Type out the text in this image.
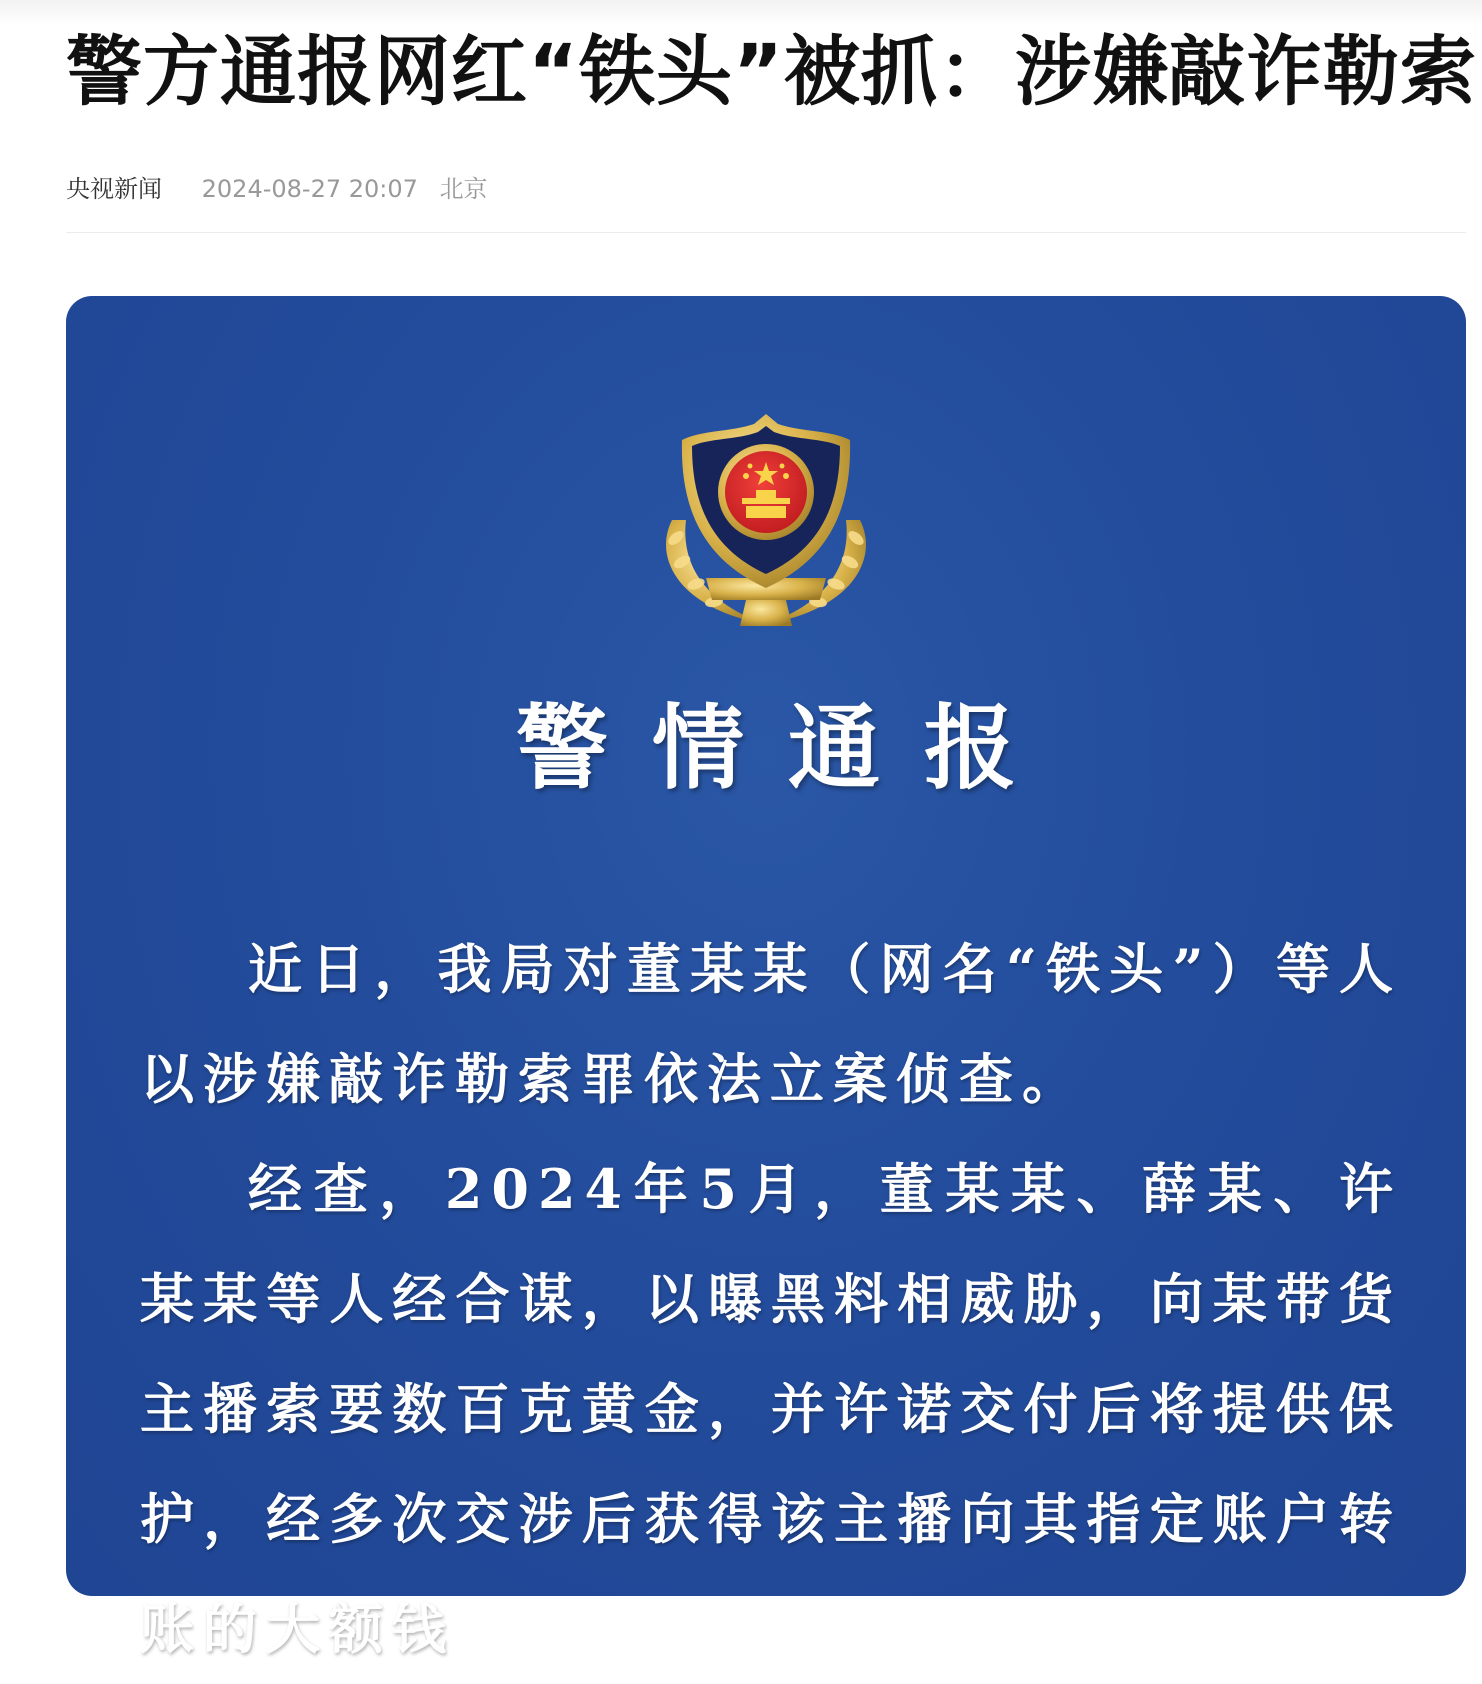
警方通报网红“铁头”被抓：涉嫌敲诈勒索
央视新闻 2024-08-27 20:07 北京
警情通报

近日，我局对董某某（网名“铁头”）等人以涉嫌敲诈勒索罪依法立案侦查。

经查，2024年5月，董某某、薛某、许某某等人经合谋，以曝黑料相威胁，向某带货主播索要数百克黄金，并许诺交付后将提供保护，经多次交涉后获得该主播向其指定账户转账的大额钱
